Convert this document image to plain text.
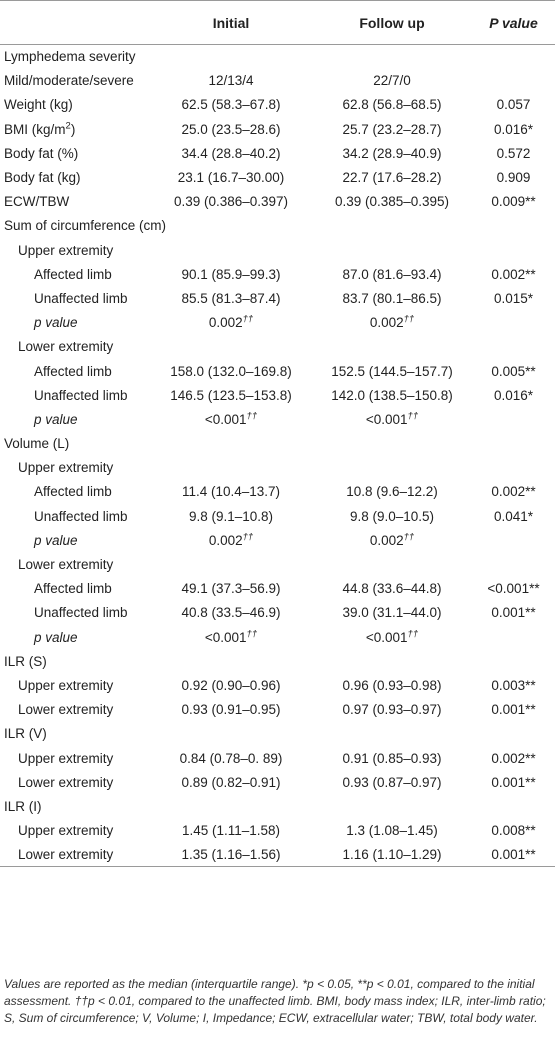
	Initial	Follow up	P value
Lymphedema severity			
Mild/moderate/severe	12/13/4	22/7/0	
Weight (kg)	62.5 (58.3–67.8)	62.8 (56.8–68.5)	0.057
BMI $(kg/m^2)$	25.0 (23.5–28.6)	25.7 (23.2–28.7)	0.016*
Body fat (%)	34.4 (28.8–40.2)	34.2 (28.9–40.9)	0.572
Body fat (kg)	23.1 (16.7–30.00)	22.7 (17.6–28.2)	0.909
ECW/TBW	0.39 (0.386–0.397)	0.39 (0.385–0.395)	0.009**
Sum of circumference (cm)			
Upper extremity			
Affected limb	90.1 (85.9–99.3)	87.0 (81.6–93.4)	0.002**
Unaffected limb	85.5 (81.3–87.4)	83.7 (80.1–86.5)	0.015*
p value	0.002††	0.002††	
Lower extremity			
Affected limb	158.0 (132.0–169.8)	152.5 (144.5–157.7)	0.005**
Unaffected limb	146.5 (123.5–153.8)	142.0 (138.5–150.8)	0.016*
p value	<0.001††	<0.001††	
Volume (L)			
Upper extremity			
Affected limb	11.4 (10.4–13.7)	10.8 (9.6–12.2)	0.002**
Unaffected limb	9.8 (9.1–10.8)	9.8 (9.0–10.5)	0.041*
p value	0.002††	0.002††	
Lower extremity			
Affected limb	49.1 (37.3–56.9)	44.8 (33.6–44.8)	<0.001**
Unaffected limb	40.8 (33.5–46.9)	39.0 (31.1–44.0)	0.001**
p value	<0.001††	<0.001††	
ILR (S)			
Upper extremity	0.92 (0.90–0.96)	0.96 (0.93–0.98)	0.003**
Lower extremity	0.93 (0.91–0.95)	0.97 (0.93–0.97)	0.001**
ILR (V)			
Upper extremity	0.84 (0.78–0. 89)	0.91 (0.85–0.93)	0.002**
Lower extremity	0.89 (0.82–0.91)	0.93 (0.87–0.97)	0.001**
ILR (I)			
Upper extremity	1.45 (1.11–1.58)	1.3 (1.08–1.45)	0.008**
Lower extremity	1.35 (1.16–1.56)	1.16 (1.10–1.29)	0.001**
Values are reported as the median (interquartile range). *p < 0.05, **p < 0.01, compared to the initial assessment. ††p < 0.01, compared to the unaffected limb. BMI, body mass index; ILR, inter-limb ratio; S, Sum of circumference; V, Volume; I, Impedance; ECW, extracellular water; TBW, total body water.
